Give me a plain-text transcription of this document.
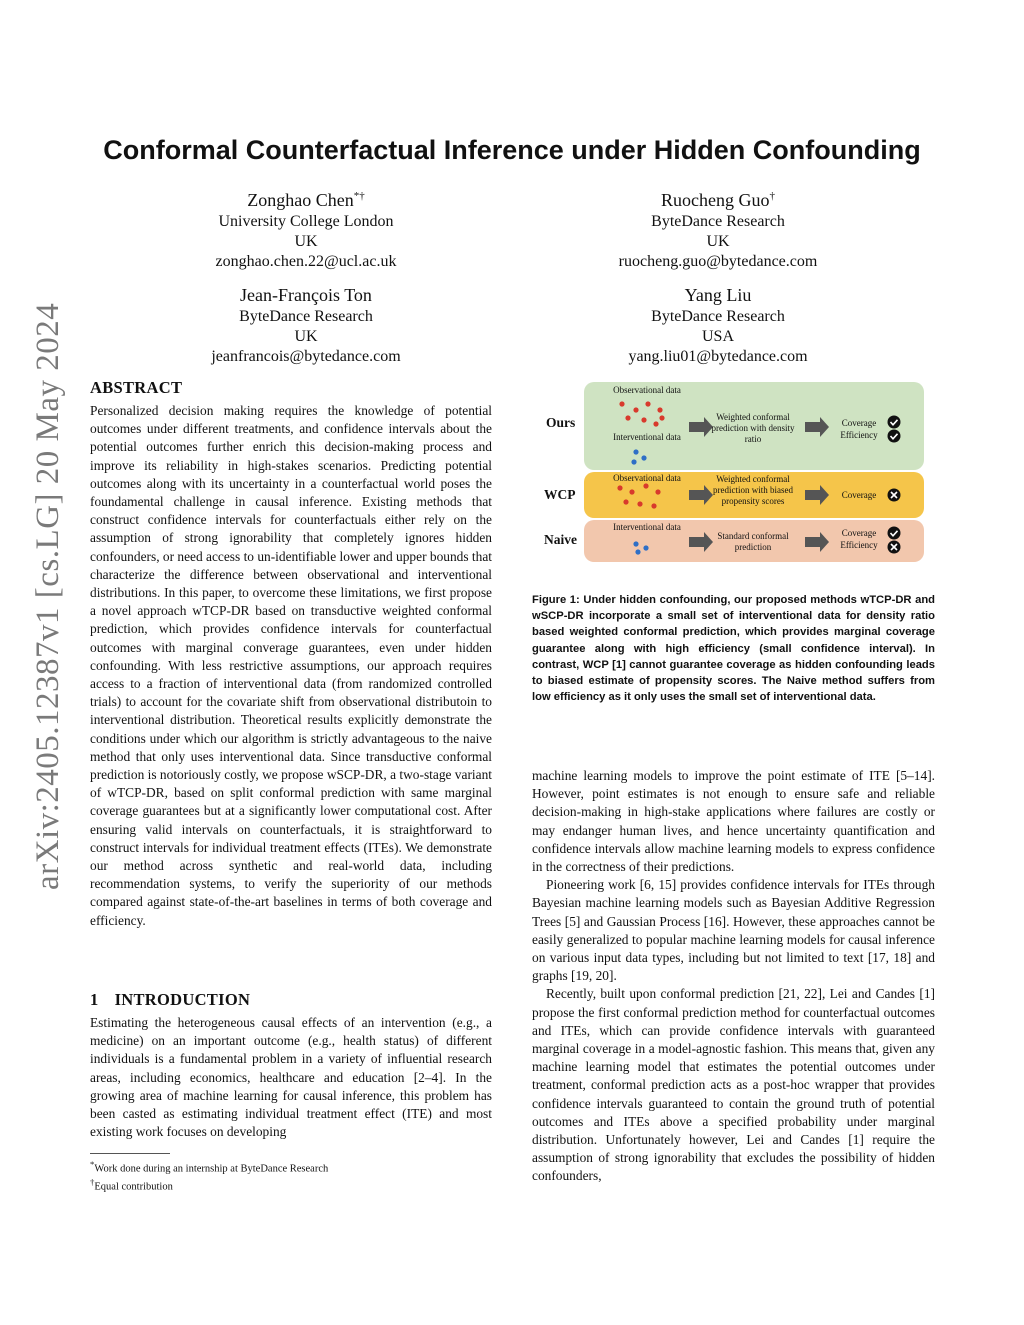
arXiv:2405.12387v1 [cs.LG] 20 May 2024
Conformal Counterfactual Inference under Hidden Confounding
Zonghao Chen*†
University College London
UK
zonghao.chen.22@ucl.ac.uk
Ruocheng Guo†
ByteDance Research
UK
ruocheng.guo@bytedance.com
Jean-François Ton
ByteDance Research
UK
jeanfrancois@bytedance.com
Yang Liu
ByteDance Research
USA
yang.liu01@bytedance.com
ABSTRACT
Personalized decision making requires the knowledge of potential outcomes under different treatments, and confidence intervals about the potential outcomes further enrich this decision-making process and improve its reliability in high-stakes scenarios. Predicting potential outcomes along with its uncertainty in a counterfactual world poses the foundamental challenge in causal inference. Existing methods that construct confidence intervals for counterfactuals either rely on the assumption of strong ignorability that completely ignores hidden confounders, or need access to un-identifiable lower and upper bounds that characterize the difference between observational and interventional distributions. In this paper, to overcome these limitations, we first propose a novel approach wTCP-DR based on transductive weighted conformal prediction, which provides confidence intervals for counterfactual outcomes with marginal converage guarantees, even under hidden confounding. With less restrictive assumptions, our approach requires access to a fraction of interventional data (from randomized controlled trials) to account for the covariate shift from observational distributoin to interventional distribution. Theoretical results explicitly demonstrate the conditions under which our algorithm is strictly advantageous to the naive method that only uses interventional data. Since transductive conformal prediction is notoriously costly, we propose wSCP-DR, a two-stage variant of wTCP-DR, based on split conformal prediction with same marginal coverage guarantees but at a significantly lower computational cost. After ensuring valid intervals on counterfactuals, it is straightforward to construct intervals for individual treatment effects (ITEs). We demonstrate our method across synthetic and real-world data, including recommendation systems, to verify the superiority of our methods compared against state-of-the-art baselines in terms of both coverage and efficiency.
1 INTRODUCTION
Estimating the heterogeneous causal effects of an intervention (e.g., a medicine) on an important outcome (e.g., health status) of different individuals is a fundamental problem in a variety of influential research areas, including economics, healthcare and education [2–4]. In the growing area of machine learning for causal inference, this problem has been casted as estimating individual treatment effect (ITE) and most existing work focuses on developing
*Work done during an internship at ByteDance Research
†Equal contribution
Ours
WCP
Naive
Observational data
Interventional data
Observational data
Interventional data
Weighted conformal prediction with density ratio
Weighted conformal prediction with biased propensity scores
Standard conformal prediction
Coverage
Efficiency
Coverage
Coverage
Efficiency
Figure 1: Under hidden confounding, our proposed methods wTCP-DR and wSCP-DR incorporate a small set of interventional data for density ratio based weighted conformal prediction, which provides marginal coverage guarantee along with high efficiency (small confidence interval). In contrast, WCP [1] cannot guarantee coverage as hidden confounding leads to biased estimate of propensity scores. The Naive method suffers from low efficiency as it only uses the small set of interventional data.
machine learning models to improve the point estimate of ITE [5–14]. However, point estimates is not enough to ensure safe and reliable decision-making in high-stake applications where failures are costly or may endanger human lives, and hence uncertainty quantification and confidence intervals allow machine learning models to express confidence in the correctness of their predictions.
Pioneering work [6, 15] provides confidence intervals for ITEs through Bayesian machine learning models such as Bayesian Additive Regression Trees [5] and Gaussian Process [16]. However, these approaches cannot be easily generalized to popular machine learning models for causal inference on various input data types, including but not limited to text [17, 18] and graphs [19, 20].
Recently, built upon conformal prediction [21, 22], Lei and Candes [1] propose the first conformal prediction method for counterfactual outcomes and ITEs, which can provide confidence intervals with guaranteed marginal coverage in a model-agnostic fashion. This means that, given any machine learning model that estimates the potential outcomes under treatment, conformal prediction acts as a post-hoc wrapper that provides confidence intervals guaranteed to contain the ground truth of potential outcomes and ITEs above a specified probability under marginal distribution. Unfortunately however, Lei and Candes [1] require the assumption of strong ignorability that excludes the possibility of hidden confounders,
